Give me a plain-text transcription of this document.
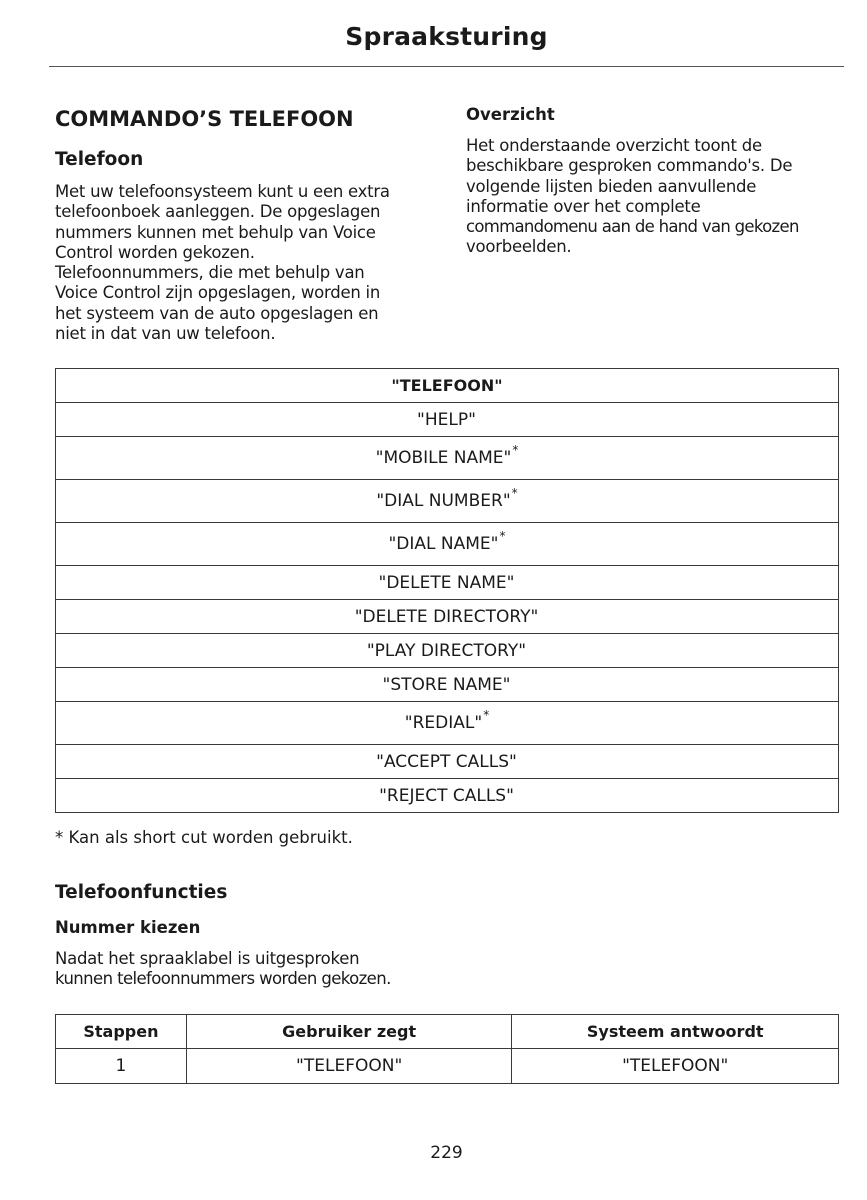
Spraaksturing
COMMANDO’S TELEFOON
Telefoon

Met uw telefoonsysteem kunt u een extra

telefoonboek aanleggen. De opgeslagen

nummers kunnen met behulp van Voice

Control worden gekozen.

Telefoonnummers, die met behulp van

Voice Control zijn opgeslagen, worden in

het systeem van de auto opgeslagen en

niet in dat van uw telefoon.

Overzicht

Het onderstaande overzicht toont de

beschikbare gesproken commando's. De

volgende lijsten bieden aanvullende

informatie over het complete

commandomenu aan de hand van gekozen

voorbeelden.

"TELEFOON"
"HELP"
"MOBILE NAME"*
"DIAL NUMBER"*
"DIAL NAME"*
"DELETE NAME"
"DELETE DIRECTORY"
"PLAY DIRECTORY"
"STORE NAME"
"REDIAL"*
"ACCEPT CALLS"
"REJECT CALLS"
* Kan als short cut worden gebruikt.
Telefoonfuncties
Nummer kiezen

Nadat het spraaklabel is uitgesproken

kunnen telefoonnummers worden gekozen.

Stappen	Gebruiker zegt	Systeem antwoordt
1	"TELEFOON"	"TELEFOON"
229
